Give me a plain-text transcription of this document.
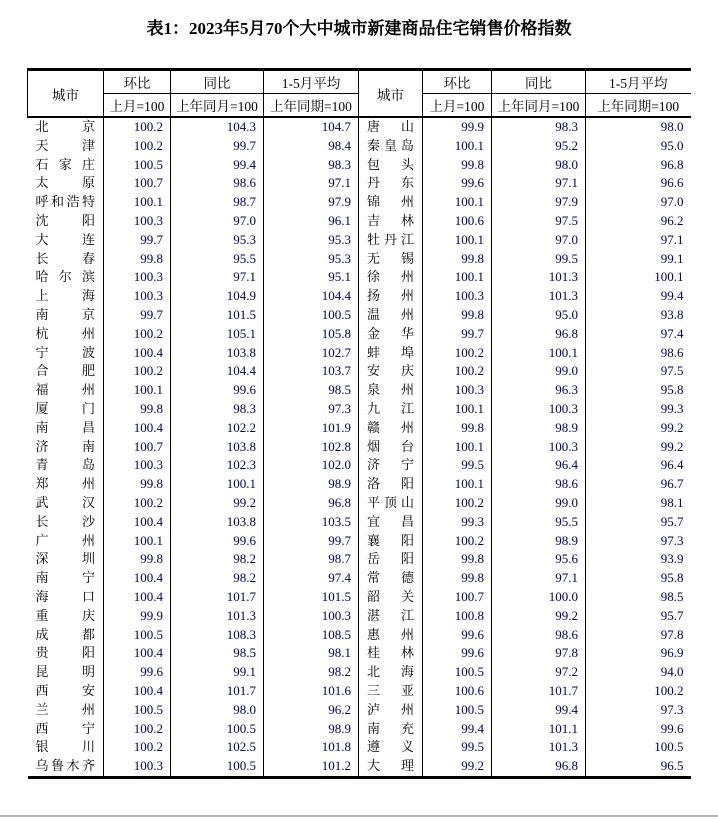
表1：2023年5月70个大中城市新建商品住宅销售价格指数
城市	环比	同比	1-5月平均	城市	环比	同比	1-5月平均
	上月=100	上年同月=100	上年同期=100		上月=100	上年同月=100	上年同期=100

北 京	100.2	104.3	104.7	唐 山	99.9	98.3	98.0

天 津	100.2	99.7	98.4	秦 皇 岛	100.1	95.2	95.0

石 家 庄	100.5	99.4	98.3	包 头	99.8	98.0	96.8

太 原	100.7	98.6	97.1	丹 东	99.6	97.1	96.6

呼 和 浩 特	100.1	98.7	97.9	锦 州	100.1	97.9	97.0

沈 阳	100.3	97.0	96.1	吉 林	100.6	97.5	96.2

大 连	99.7	95.3	95.3	牡 丹 江	100.1	97.0	97.1

长 春	99.8	95.5	95.3	无 锡	99.8	99.5	99.1

哈 尔 滨	100.3	97.1	95.1	徐 州	100.1	101.3	100.1

上 海	100.3	104.9	104.4	扬 州	100.3	101.3	99.4

南 京	99.7	101.5	100.5	温 州	99.8	95.0	93.8

杭 州	100.2	105.1	105.8	金 华	99.7	96.8	97.4

宁 波	100.4	103.8	102.7	蚌 埠	100.2	100.1	98.6

合 肥	100.2	104.4	103.7	安 庆	100.2	99.0	97.5

福 州	100.1	99.6	98.5	泉 州	100.3	96.3	95.8

厦 门	99.8	98.3	97.3	九 江	100.1	100.3	99.3

南 昌	100.4	102.2	101.9	赣 州	99.8	98.9	99.2

济 南	100.7	103.8	102.8	烟 台	100.1	100.3	99.2

青 岛	100.3	102.3	102.0	济 宁	99.5	96.4	96.4

郑 州	99.8	100.1	98.9	洛 阳	100.1	98.6	96.7

武 汉	100.2	99.2	96.8	平 顶 山	100.2	99.0	98.1

长 沙	100.4	103.8	103.5	宜 昌	99.3	95.5	95.7

广 州	100.1	99.6	99.7	襄 阳	100.2	98.9	97.3

深 圳	99.8	98.2	98.7	岳 阳	99.8	95.6	93.9

南 宁	100.4	98.2	97.4	常 德	99.8	97.1	95.8

海 口	100.4	101.7	101.5	韶 关	100.7	100.0	98.5

重 庆	99.9	101.3	100.3	湛 江	100.8	99.2	95.7

成 都	100.5	108.3	108.5	惠 州	99.6	98.6	97.8

贵 阳	100.4	98.5	98.1	桂 林	99.6	97.8	96.9

昆 明	99.6	99.1	98.2	北 海	100.5	97.2	94.0

西 安	100.4	101.7	101.6	三 亚	100.6	101.7	100.2

兰 州	100.5	98.0	96.2	泸 州	100.5	99.4	97.3

西 宁	100.2	100.5	98.9	南 充	99.4	101.1	99.6

银 川	100.2	102.5	101.8	遵 义	99.5	101.3	100.5

乌 鲁 木 齐	100.3	100.5	101.2	大 理	99.2	96.8	96.5
